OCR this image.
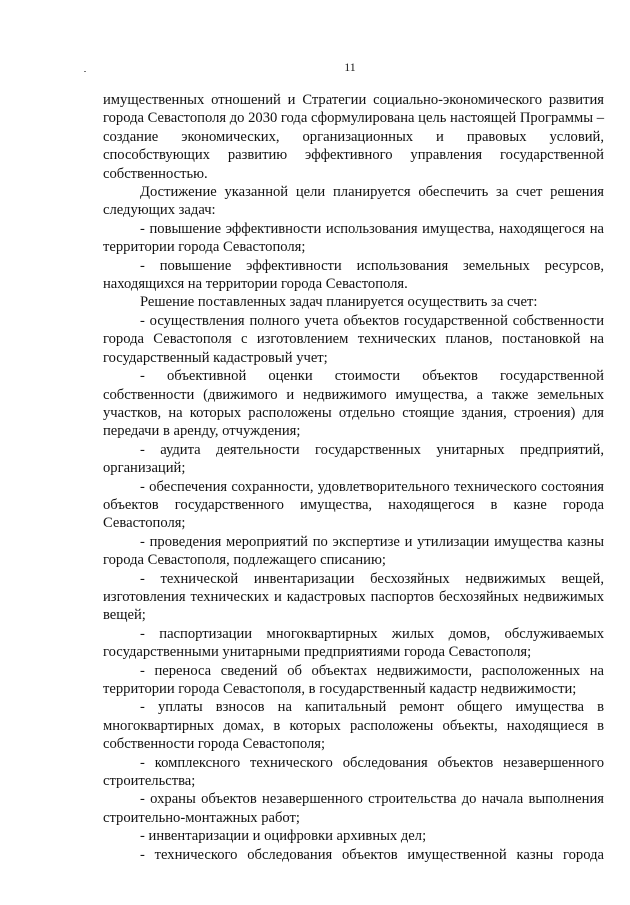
11

имущественных отношений и Стратегии социально-экономического развития города Севастополя до 2030 года сформулирована цель настоящей Программы – создание экономических, организационных и правовых условий, способствующих развитию эффективного управления государственной собственностью.

Достижение указанной цели планируется обеспечить за счет решения следующих задач:

- повышение эффективности использования имущества, находящегося на территории города Севастополя;

- повышение эффективности использования земельных ресурсов, находящихся на территории города Севастополя.

Решение поставленных задач планируется осуществить за счет:

- осуществления полного учета объектов государственной собственности города Севастополя с изготовлением технических планов, постановкой на государственный кадастровый учет;

- объективной оценки стоимости объектов государственной собственности (движимого и недвижимого имущества, а также земельных участков, на которых расположены отдельно стоящие здания, строения) для передачи в аренду, отчуждения;

- аудита деятельности государственных унитарных предприятий, организаций;

- обеспечения сохранности, удовлетворительного технического состояния объектов государственного имущества, находящегося в казне города Севастополя;

- проведения мероприятий по экспертизе и утилизации имущества казны города Севастополя, подлежащего списанию;

- технической инвентаризации бесхозяйных недвижимых вещей, изготовления технических и кадастровых паспортов бесхозяйных недвижимых вещей;

- паспортизации многоквартирных жилых домов, обслуживаемых государственными унитарными предприятиями города Севастополя;

- переноса сведений об объектах недвижимости, расположенных на территории города Севастополя, в государственный кадастр недвижимости;

- уплаты взносов на капитальный ремонт общего имущества в многоквартирных домах, в которых расположены объекты, находящиеся в собственности города Севастополя;

- комплексного технического обследования объектов незавершенного строительства;

- охраны объектов незавершенного строительства до начала выполнения строительно-монтажных работ;

- инвентаризации и оцифровки архивных дел;

- технического обследования объектов имущественной казны города
